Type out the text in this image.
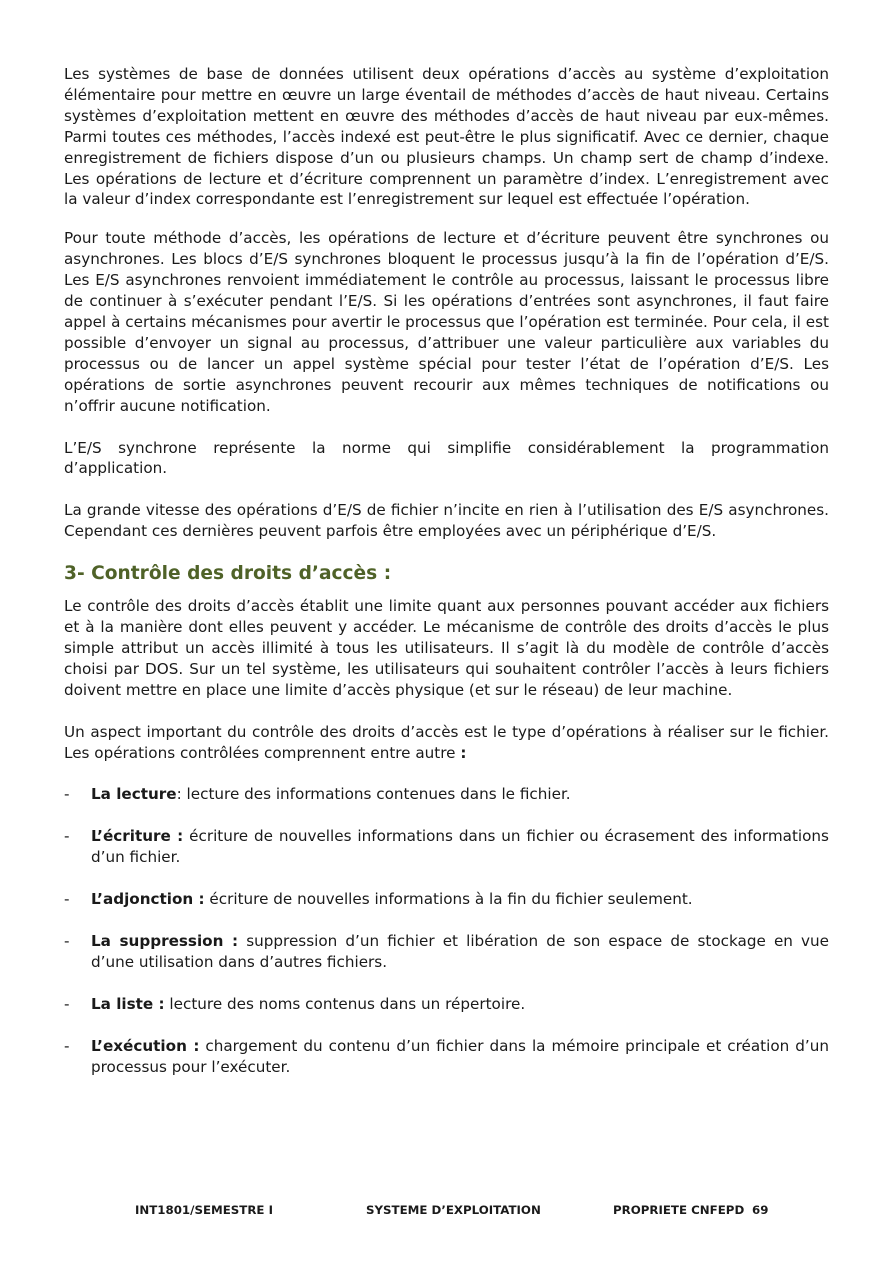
Les systèmes de base de données utilisent deux opérations d’accès au système d’exploitation élémentaire pour mettre en œuvre un large éventail de méthodes d’accès de haut niveau. Certains systèmes d’exploitation mettent en œuvre des méthodes d’accès de haut niveau par eux-mêmes. Parmi toutes ces méthodes, l’accès indexé est peut-être le plus significatif. Avec ce dernier, chaque enregistrement de fichiers dispose d’un ou plusieurs champs. Un champ sert de champ d’indexe. Les opérations de lecture et d’écriture comprennent un paramètre d’index. L’enregistrement avec la valeur d’index correspondante est l’enregistrement sur lequel est effectuée l’opération.

Pour toute méthode d’accès, les opérations de lecture et d’écriture peuvent être synchrones ou asynchrones. Les blocs d’E/S synchrones bloquent le processus jusqu’à la fin de l’opération d’E/S. Les E/S asynchrones renvoient immédiatement le contrôle au processus, laissant le processus libre de continuer à s’exécuter pendant l’E/S. Si les opérations d’entrées sont asynchrones, il faut faire appel à certains mécanismes pour avertir le processus que l’opération est terminée. Pour cela, il est possible d’envoyer un signal au processus, d’attribuer une valeur particulière aux variables du processus ou de lancer un appel système spécial pour tester l’état de l’opération d’E/S. Les opérations de sortie asynchrones peuvent recourir aux mêmes techniques de notifications ou n’offrir aucune notification.

L’E/S synchrone représente la norme qui simplifie considérablement la programmation d’application.

La grande vitesse des opérations d’E/S de fichier n’incite en rien à l’utilisation des E/S asynchrones. Cependant ces dernières peuvent parfois être employées avec un périphérique d’E/S.

3- Contrôle des droits d’accès :

Le contrôle des droits d’accès établit une limite quant aux personnes pouvant accéder aux fichiers et à la manière dont elles peuvent y accéder. Le mécanisme de contrôle des droits d’accès le plus simple attribut un accès illimité à tous les utilisateurs. Il s’agit là du modèle de contrôle d’accès choisi par DOS. Sur un tel système, les utilisateurs qui souhaitent contrôler l’accès à leurs fichiers doivent mettre en place une limite d’accès physique (et sur le réseau) de leur machine.

Un aspect important du contrôle des droits d’accès est le type d’opérations à réaliser sur le fichier. Les opérations contrôlées comprennent entre autre :

- La lecture: lecture des informations contenues dans le fichier.
- L’écriture : écriture de nouvelles informations dans un fichier ou écrasement des informations d’un fichier.
- L’adjonction : écriture de nouvelles informations à la fin du fichier seulement.
- La suppression : suppression d’un fichier et libération de son espace de stockage en vue d’une utilisation dans d’autres fichiers.
- La liste : lecture des noms contenus dans un répertoire.
- L’exécution : chargement du contenu d’un fichier dans la mémoire principale et création d’un processus pour l’exécuter.
INT1801/SEMESTRE I	SYSTEME D’EXPLOITATION	PROPRIETE CNFEPD 69
